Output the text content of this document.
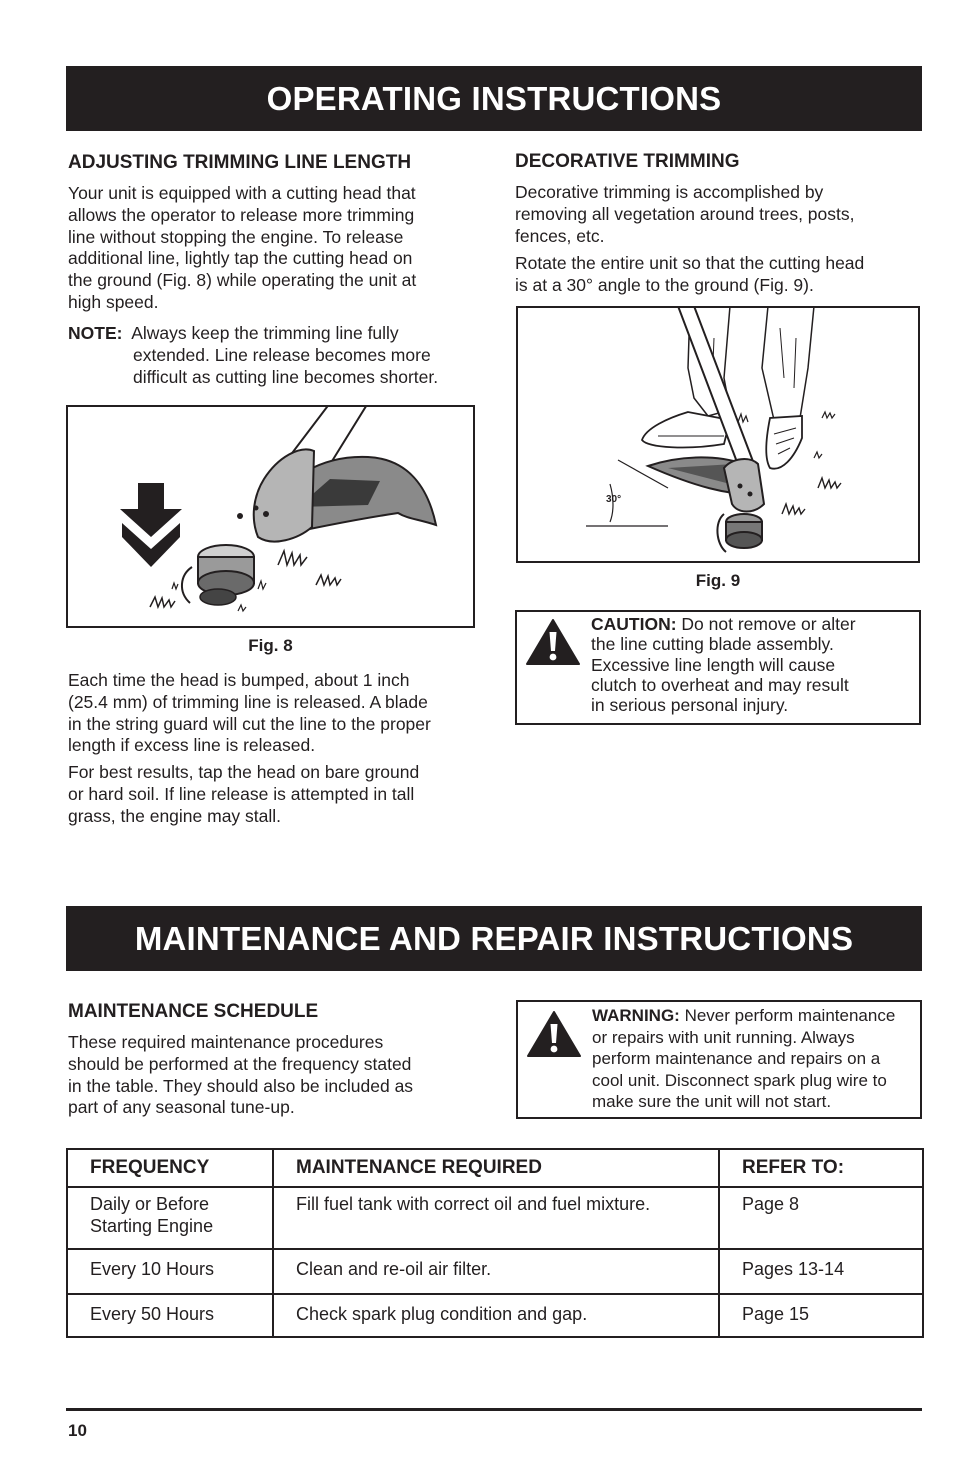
OPERATING INSTRUCTIONS
ADJUSTING TRIMMING LINE LENGTH
Your unit is equipped with a cutting head that
allows the operator to release more trimming
line without stopping the engine. To release
additional line, lightly tap the cutting head on
the ground (Fig. 8) while operating the unit at
high speed.
NOTE: Always keep the trimming line fully
extended. Line release becomes more
difficult as cutting line becomes shorter.
Fig. 8
Each time the head is bumped, about 1 inch
(25.4 mm) of trimming line is released. A blade
in the string guard will cut the line to the proper
length if excess line is released.
For best results, tap the head on bare ground
or hard soil. If line release is attempted in tall
grass, the engine may stall.
DECORATIVE TRIMMING
Decorative trimming is accomplished by
removing all vegetation around trees, posts,
fences, etc.
Rotate the entire unit so that the cutting head
is at a 30° angle to the ground (Fig. 9).
30°
Fig. 9
CAUTION: Do not remove or alter
the line cutting blade assembly.
Excessive line length will cause
clutch to overheat and may result
in serious personal injury.
MAINTENANCE AND REPAIR INSTRUCTIONS
MAINTENANCE SCHEDULE
These required maintenance procedures
should be performed at the frequency stated
in the table. They should also be included as
part of any seasonal tune-up.
WARNING: Never perform maintenance
or repairs with unit running. Always
perform maintenance and repairs on a
cool unit. Disconnect spark plug wire to
make sure the unit will not start.
FREQUENCY	MAINTENANCE REQUIRED	REFER TO:

Daily or Before
Starting Engine	Fill fuel tank with correct oil and fuel mixture.	Page 8

Every 10 Hours	Clean and re-oil air filter.	Pages 13-14

Every 50 Hours	Check spark plug condition and gap.	Page 15
10
